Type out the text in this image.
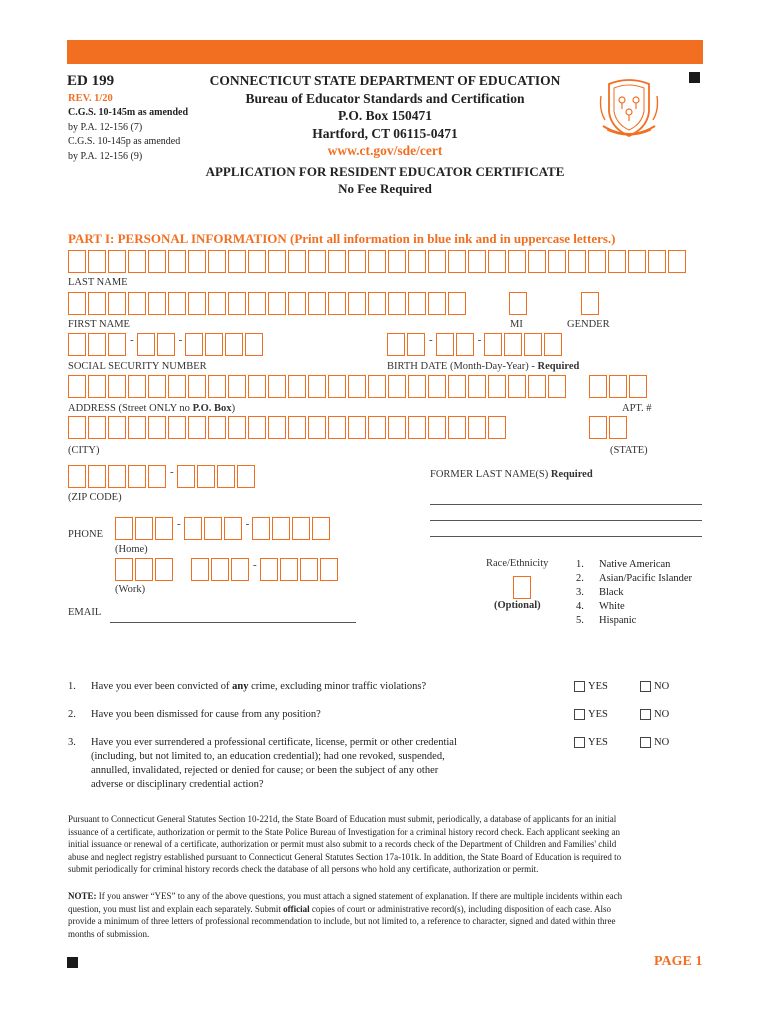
ED 199
REV. 1/20
C.G.S. 10-145m as amended
by P.A. 12-156 (7)
C.G.S. 10-145p as amended
by P.A. 12-156 (9)
CONNECTICUT STATE DEPARTMENT OF EDUCATION
Bureau of Educator Standards and Certification
P.O. Box 150471
Hartford, CT 06115-0471
www.ct.gov/sde/cert
APPLICATION FOR RESIDENT EDUCATOR CERTIFICATE
No Fee Required
PART I: PERSONAL INFORMATION (Print all information in blue ink and in uppercase letters.)
LAST NAME
FIRST NAME	MI	GENDER
-	-	-	-
SOCIAL SECURITY NUMBER	BIRTH DATE (Month-Day-Year) - Required
ADDRESS (Street ONLY no P.O. Box)	APT. #
(CITY)	(STATE)
-
(ZIP CODE)
FORMER LAST NAME(S) Required
PHONE
-	-
(Home)
-
(Work)
EMAIL
Race/Ethnicity
(Optional)
1. Native American
2. Asian/Pacific Islander
3. Black
4. White
5. Hispanic
1. Have you ever been convicted of any crime, excluding minor traffic violations?	YES	NO
2. Have you been dismissed for cause from any position?	YES	NO
3. Have you ever surrendered a professional certificate, license, permit or other credential
(including, but not limited to, an education credential); had one revoked, suspended,
annulled, invalidated, rejected or denied for cause; or been the subject of any other
adverse or disciplinary credential action?
YES	NO
Pursuant to Connecticut General Statutes Section 10-221d, the State Board of Education must submit, periodically, a database of applicants for an initial
issuance of a certificate, authorization or permit to the State Police Bureau of Investigation for a criminal history record check. Each applicant seeking an
initial issuance or renewal of a certificate, authorization or permit must also submit to a records check of the Department of Children and Families' child
abuse and neglect registry established pursuant to Connecticut General Statutes Section 17a-101k. In addition, the State Board of Education is required to
submit periodically for criminal history records check the database of all persons who hold any certificate, authorization or permit.
NOTE: If you answer “YES” to any of the above questions, you must attach a signed statement of explanation. If there are multiple incidents within each
question, you must list and explain each separately. Submit official copies of court or administrative record(s), including disposition of each case. Also
provide a minimum of three letters of professional recommendation to include, but not limited to, a reference to character, signed and dated within three
months of submission.
PAGE 1
